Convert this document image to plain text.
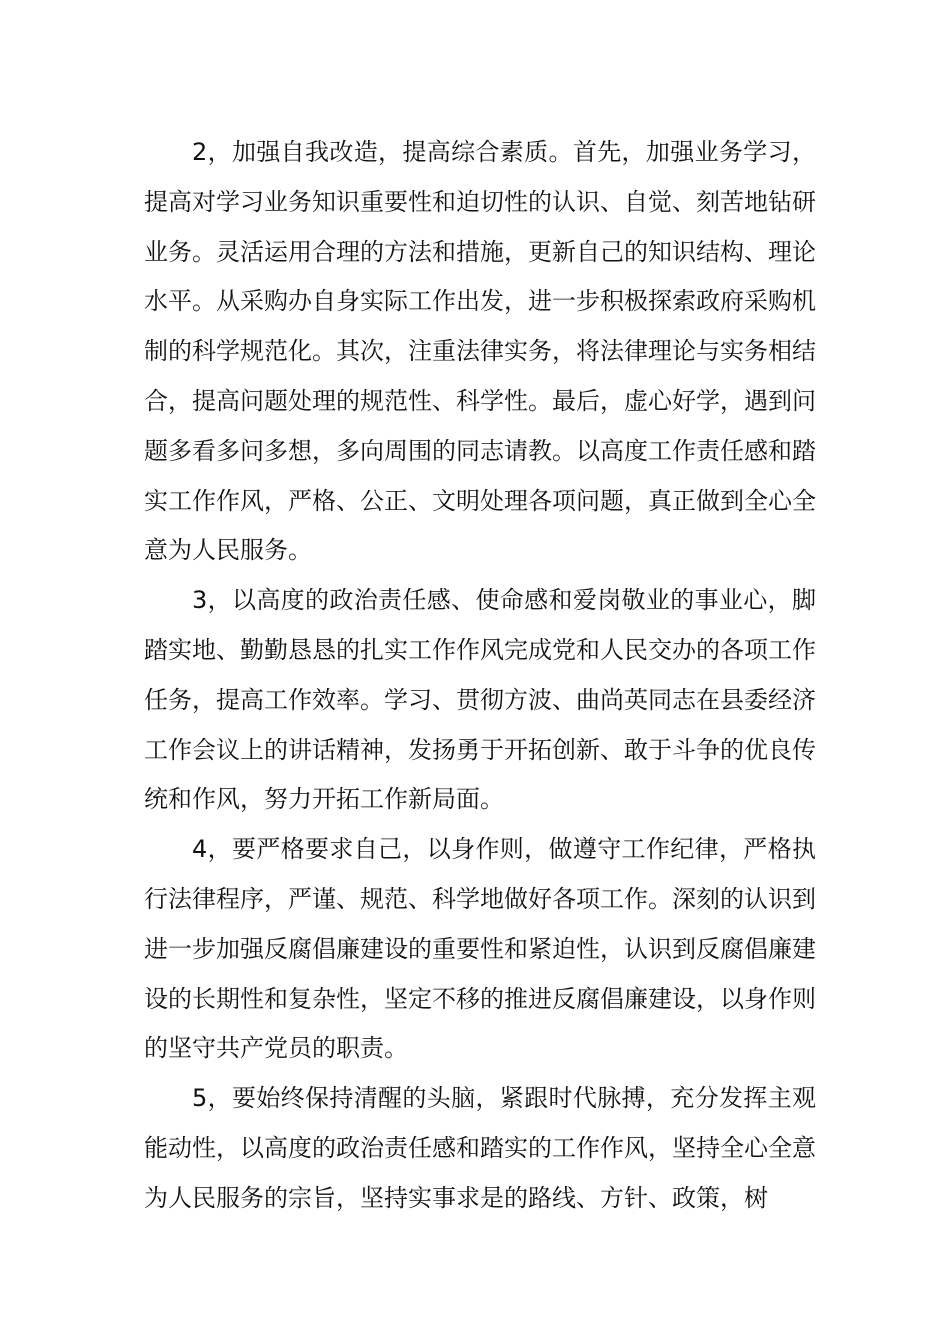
2，加强自我改造，提高综合素质。首先，加强业务学习，提高对学习业务知识重要性和迫切性的认识、自觉、刻苦地钻研业务。灵活运用合理的方法和措施，更新自己的知识结构、理论水平。从采购办自身实际工作出发，进一步积极探索政府采购机制的科学规范化。其次，注重法律实务，将法律理论与实务相结合，提高问题处理的规范性、科学性。最后，虚心好学，遇到问题多看多问多想，多向周围的同志请教。以高度工作责任感和踏实工作作风，严格、公正、文明处理各项问题，真正做到全心全意为人民服务。

3，以高度的政治责任感、使命感和爱岗敬业的事业心，脚踏实地、勤勤恳恳的扎实工作作风完成党和人民交办的各项工作任务，提高工作效率。学习、贯彻方波、曲尚英同志在县委经济工作会议上的讲话精神，发扬勇于开拓创新、敢于斗争的优良传统和作风，努力开拓工作新局面。

4，要严格要求自己，以身作则，做遵守工作纪律，严格执行法律程序，严谨、规范、科学地做好各项工作。深刻的认识到进一步加强反腐倡廉建设的重要性和紧迫性，认识到反腐倡廉建设的长期性和复杂性，坚定不移的推进反腐倡廉建设，以身作则的坚守共产党员的职责。

5，要始终保持清醒的头脑，紧跟时代脉搏，充分发挥主观能动性，以高度的政治责任感和踏实的工作作风，坚持全心全意为人民服务的宗旨，坚持实事求是的路线、方针、政策，树
